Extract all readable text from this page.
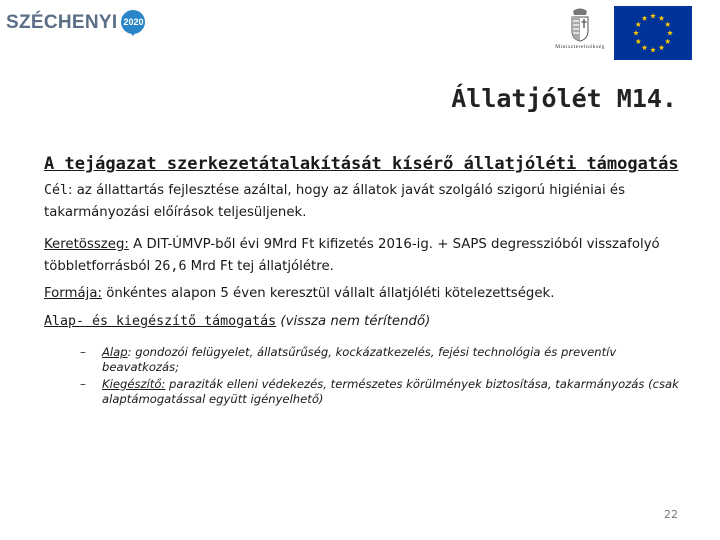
SZÉCHENYI 2020
Miniszterelnökség
Állatjólét M14.

A tejágazat szerkezetátalakítását kísérő állatjóléti támogatás

Cél: az állattartás fejlesztése azáltal, hogy az állatok javát szolgáló szigorú higiéniai és takarmányozási előírások teljesüljenek.

Keretösszeg: A DIT-ÚMVP-ből évi 9Mrd Ft kifizetés 2016-ig. + SAPS degresszióból visszafolyó többletforrásból 26,6 Mrd Ft tej állatjólétre.

Formája: önkéntes alapon 5 éven keresztül vállalt állatjóléti kötelezettségek.

Alap- és kiegészítő támogatás (vissza nem térítendő)

– Alap: gondozói felügyelet, állatsűrűség, kockázatkezelés, fejési technológia és preventív beavatkozás;
– Kiegészítő: paraziták elleni védekezés, természetes körülmények biztosítása, takarmányozás (csak alaptámogatással együtt igényelhető)
22
